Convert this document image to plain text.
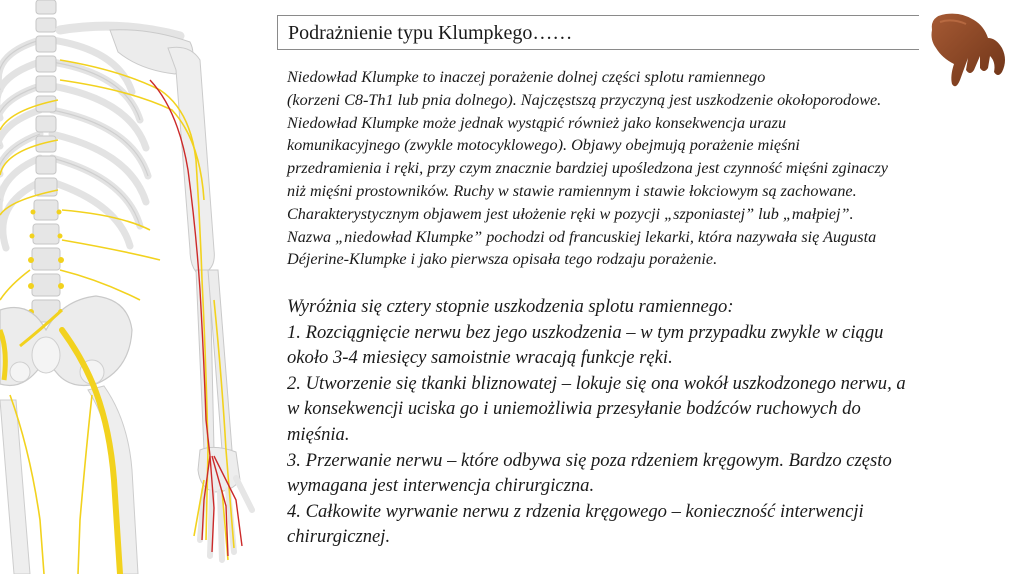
Podrażnienie typu Klumpkego……
Niedowład Klumpke to inaczej porażenie dolnej części splotu ramiennego
(korzeni C8-Th1 lub pnia dolnego). Najczęstszą przyczyną jest uszkodzenie okołoporodowe.
Niedowład Klumpke może jednak wystąpić również jako konsekwencja urazu
komunikacyjnego (zwykle motocyklowego). Objawy obejmują porażenie mięśni
przedramienia i ręki, przy czym znacznie bardziej upośledzona jest czynność mięśni zginaczy
niż mięśni prostowników. Ruchy w stawie ramiennym i stawie łokciowym są zachowane.
Charakterystycznym objawem jest ułożenie ręki w pozycji „szponiastej” lub „małpiej”.
Nazwa „niedowład Klumpke” pochodzi od francuskiej lekarki, która nazywała się Augusta
Déjerine-Klumpke i jako pierwsza opisała tego rodzaju porażenie.
Wyróżnia się cztery stopnie uszkodzenia splotu ramiennego:
1. Rozciągnięcie nerwu bez jego uszkodzenia – w tym przypadku zwykle w ciągu
około 3-4 miesięcy samoistnie wracają funkcje ręki.
2. Utworzenie się tkanki bliznowatej – lokuje się ona wokół uszkodzonego nerwu, a
w konsekwencji uciska go i uniemożliwia przesyłanie bodźców ruchowych do
mięśnia.
3. Przerwanie nerwu – które odbywa się poza rdzeniem kręgowym. Bardzo często
wymagana jest interwencja chirurgiczna.
4. Całkowite wyrwanie nerwu z rdzenia kręgowego – konieczność interwencji
chirurgicznej.
